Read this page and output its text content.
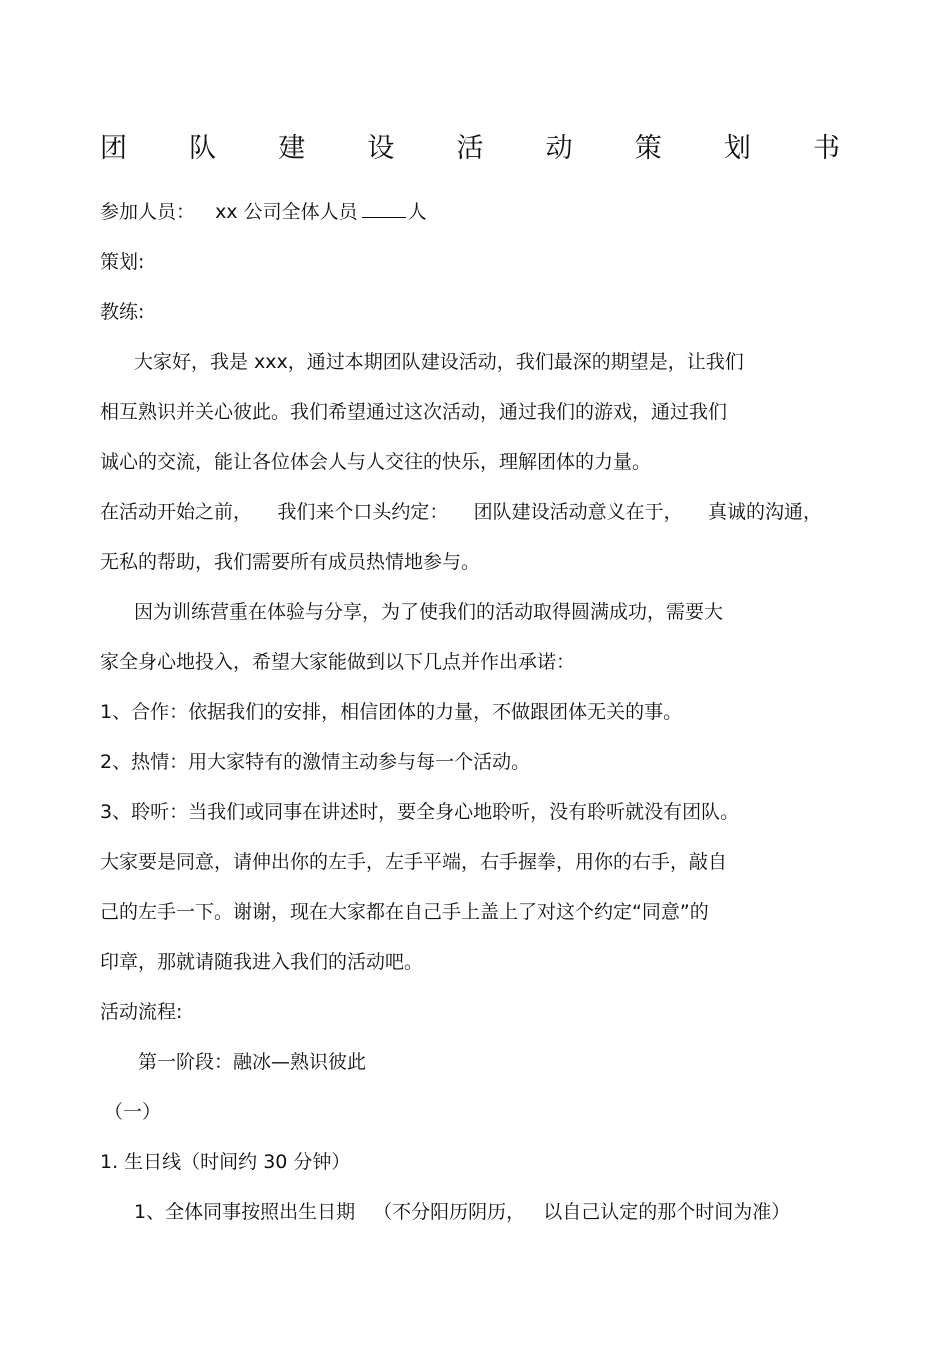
团 队 建 设 活 动 策 划 书
参加人员： xx 公司全体人员	人
策划:
教练:
大家好，我是 xxx，通过本期团队建设活动，我们最深的期望是，让我们
相互熟识并关心彼此。我们希望通过这次活动，通过我们的游戏，通过我们
诚心的交流，能让各位体会人与人交往的快乐，理解团体的力量。
在活动开始之前， 我们来个口头约定： 团队建设活动意义在于， 真诚的沟通，
无私的帮助，我们需要所有成员热情地参与。
因为训练营重在体验与分享，为了使我们的活动取得圆满成功，需要大
家全身心地投入，希望大家能做到以下几点并作出承诺：
1、合作：依据我们的安排，相信团体的力量，不做跟团体无关的事。
2、热情：用大家特有的激情主动参与每一个活动。
3、聆听：当我们或同事在讲述时，要全身心地聆听，没有聆听就没有团队。
大家要是同意，请伸出你的左手，左手平端，右手握拳，用你的右手，敲自
己的左手一下。谢谢，现在大家都在自己手上盖上了对这个约定“同意”的
印章，那就请随我进入我们的活动吧。
活动流程:
第一阶段：融冰—熟识彼此
（一）
1. 生日线（时间约 30 分钟）
1、全体同事按照出生日期 （不分阳历阴历， 以自己认定的那个时间为准）
